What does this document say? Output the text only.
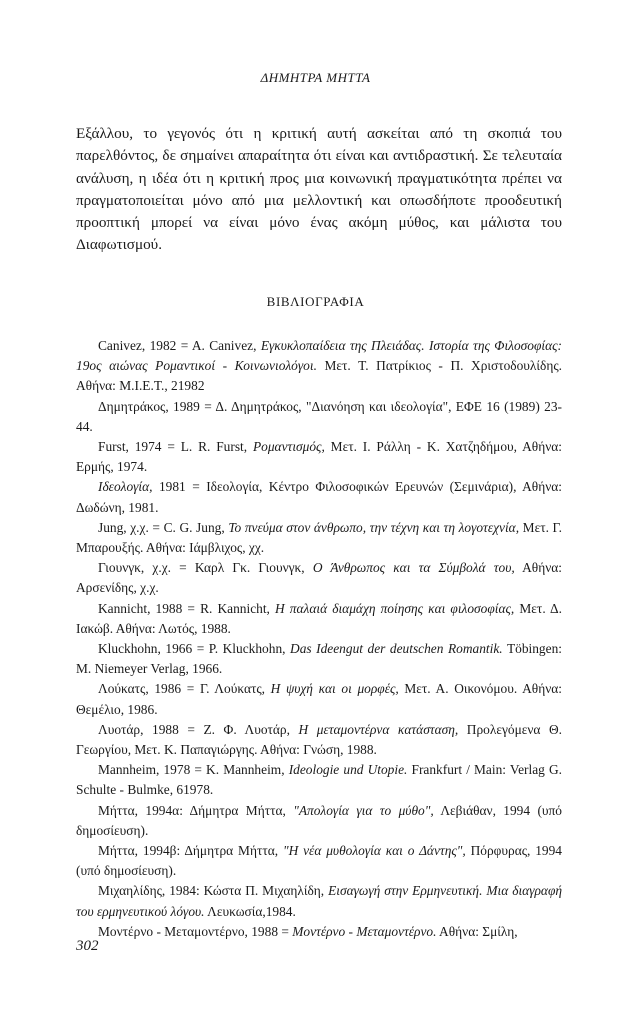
ΔΗΜΗΤΡΑ ΜΗΤΤΑ

Εξάλλου, το γεγονός ότι η κριτική αυτή ασκείται από τη σκοπιά του παρελθόντος, δε σημαίνει απαραίτητα ότι είναι και αντιδραστική. Σε τελευταία ανάλυση, η ιδέα ότι η κριτική προς μια κοινωνική πραγματικότητα πρέπει να πραγματοποιείται μόνο από μια μελλοντική και οπωσδήποτε προοδευτική προοπτική μπορεί να είναι μόνο ένας ακόμη μύθος, και μάλιστα του Διαφωτισμού.

ΒΙΒΛΙΟΓΡΑΦΙΑ
Canivez, 1982 = A. Canivez, Εγκυκλοπαίδεια της Πλειάδας. Ιστορία της Φιλοσοφίας: 19ος αιώνας Ρομαντικοί - Κοινωνιολόγοι. Μετ. Τ. Πατρίκιος - Π. Χριστοδουλίδης. Αθήνα: Μ.Ι.Ε.Τ., 21982
Δημητράκος, 1989 = Δ. Δημητράκος, "Διανόηση και ιδεολογία", ΕΦΕ 16 (1989) 23-44.
Furst, 1974 = L. R. Furst, Ρομαντισμός, Μετ. Ι. Ράλλη - Κ. Χατζηδήμου, Αθήνα: Ερμής, 1974.
Ιδεολογία, 1981 = Ιδεολογία, Κέντρο Φιλοσοφικών Ερευνών (Σεμινάρια), Αθήνα: Δωδώνη, 1981.
Jung, χ.χ. = C. G. Jung, Το πνεύμα στον άνθρωπο, την τέχνη και τη λογοτεχνία, Μετ. Γ. Μπαρουξής. Αθήνα: Ιάμβλιχος, χχ.
Γιουνγκ, χ.χ. = Καρλ Γκ. Γιουνγκ, Ο Άνθρωπος και τα Σύμβολά του, Αθήνα: Αρσενίδης, χ.χ.
Kannicht, 1988 = R. Kannicht, Η παλαιά διαμάχη ποίησης και φιλοσοφίας, Μετ. Δ. Ιακώβ. Αθήνα: Λωτός, 1988.
Kluckhohn, 1966 = P. Kluckhohn, Das Ideengut der deutschen Romantik. Töbingen: M. Niemeyer Verlag, 1966.
Λούκατς, 1986 = Γ. Λούκατς, Η ψυχή και οι μορφές, Μετ. Α. Οικονόμου. Αθήνα: Θεμέλιο, 1986.
Λυοτάρ, 1988 = Ζ. Φ. Λυοτάρ, Η μεταμοντέρνα κατάσταση, Προλεγόμενα Θ. Γεωργίου, Μετ. Κ. Παπαγιώργης. Αθήνα: Γνώση, 1988.
Mannheim, 1978 = K. Mannheim, Ideologie und Utopie. Frankfurt / Main: Verlag G. Schulte - Bulmke, 61978.
Μήττα, 1994α: Δήμητρα Μήττα, "Απολογία για το μύθο", Λεβιάθαν, 1994 (υπό δημοσίευση).
Μήττα, 1994β: Δήμητρα Μήττα, "Η νέα μυθολογία και ο Δάντης", Πόρφυρας, 1994 (υπό δημοσίευση).
Μιχαηλίδης, 1984: Κώστα Π. Μιχαηλίδη, Εισαγωγή στην Ερμηνευτική. Μια διαγραφή του ερμηνευτικού λόγου. Λευκωσία,1984.
Μοντέρνο - Μεταμοντέρνο, 1988 = Μοντέρνο - Μεταμοντέρνο. Αθήνα: Σμίλη,
302
